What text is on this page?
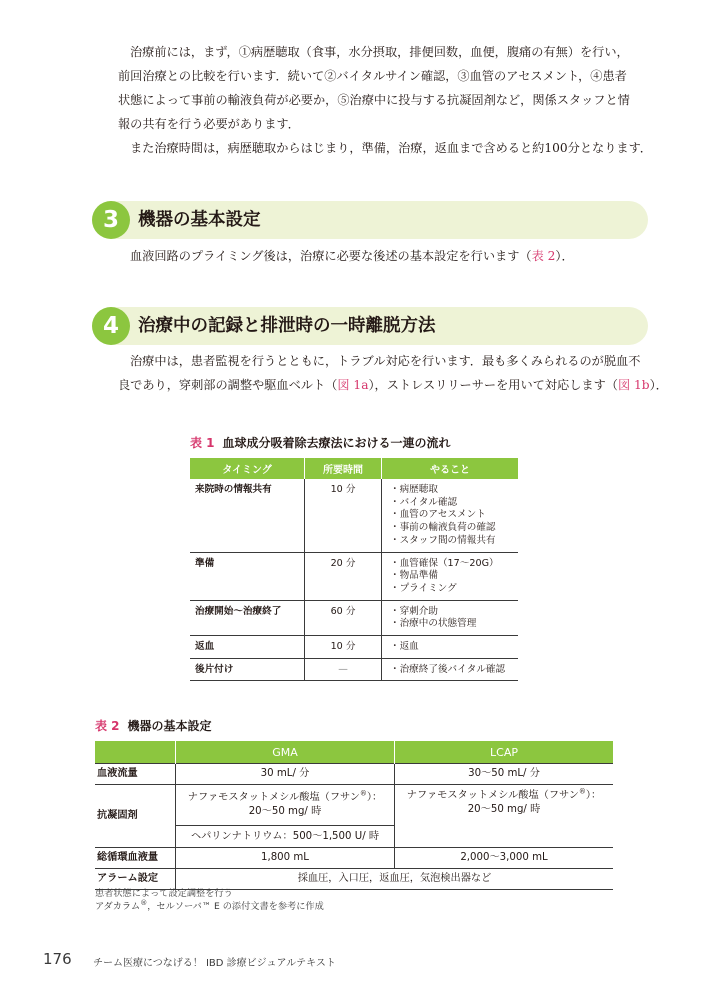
治療前には，まず，①病歴聴取（食事，水分摂取，排便回数，血便，腹痛の有無）を行い，

前回治療との比較を行います．続いて②バイタルサイン確認，③血管のアセスメント，④患者

状態によって事前の輸液負荷が必要か，⑤治療中に投与する抗凝固剤など，関係スタッフと情

報の共有を行う必要があります．

また治療時間は，病歴聴取からはじまり，準備，治療，返血まで含めると約100分となります．

3	機器の基本設定

血液回路のプライミング後は，治療に必要な後述の基本設定を行います（表 2）．

4	治療中の記録と排泄時の一時離脱方法

治療中は，患者監視を行うとともに，トラブル対応を行います．最も多くみられるのが脱血不

良であり，穿刺部の調整や駆血ベルト（図 1a），ストレスリリーサーを用いて対応します（図 1b）．

表 1 血球成分吸着除去療法における一連の流れ
タイミング	所要時間	やること
来院時の情報共有	10 分	・病歴聴取
・バイタル確認
・血管のアセスメント
・事前の輸液負荷の確認
・スタッフ間の情報共有

準備	20 分	・血管確保（17～20G）
・物品準備
・プライミング

治療開始～治療終了	60 分	・穿刺介助
・治療中の状態管理

返血	10 分	・返血

後片付け	—	・治療終了後バイタル確認
表 2 機器の基本設定
	GMA	LCAP
血液流量	30 mL/ 分	30～50 mL/ 分
抗凝固剤	ナファモスタットメシル酸塩（フサン®）：
20～50 mg/ 時	ナファモスタットメシル酸塩（フサン®）：
20～50 mg/ 時
	ヘパリンナトリウム：500～1,500 U/ 時	
総循環血液量	1,800 mL	2,000～3,000 mL
アラーム設定	採血圧，入口圧，返血圧，気泡検出器など	
患者状態によって設定調整を行う
アダカラム®，セルソーバ™ E の添付文書を参考に作成
176 チーム医療につなげる！ IBD 診療ビジュアルテキスト
